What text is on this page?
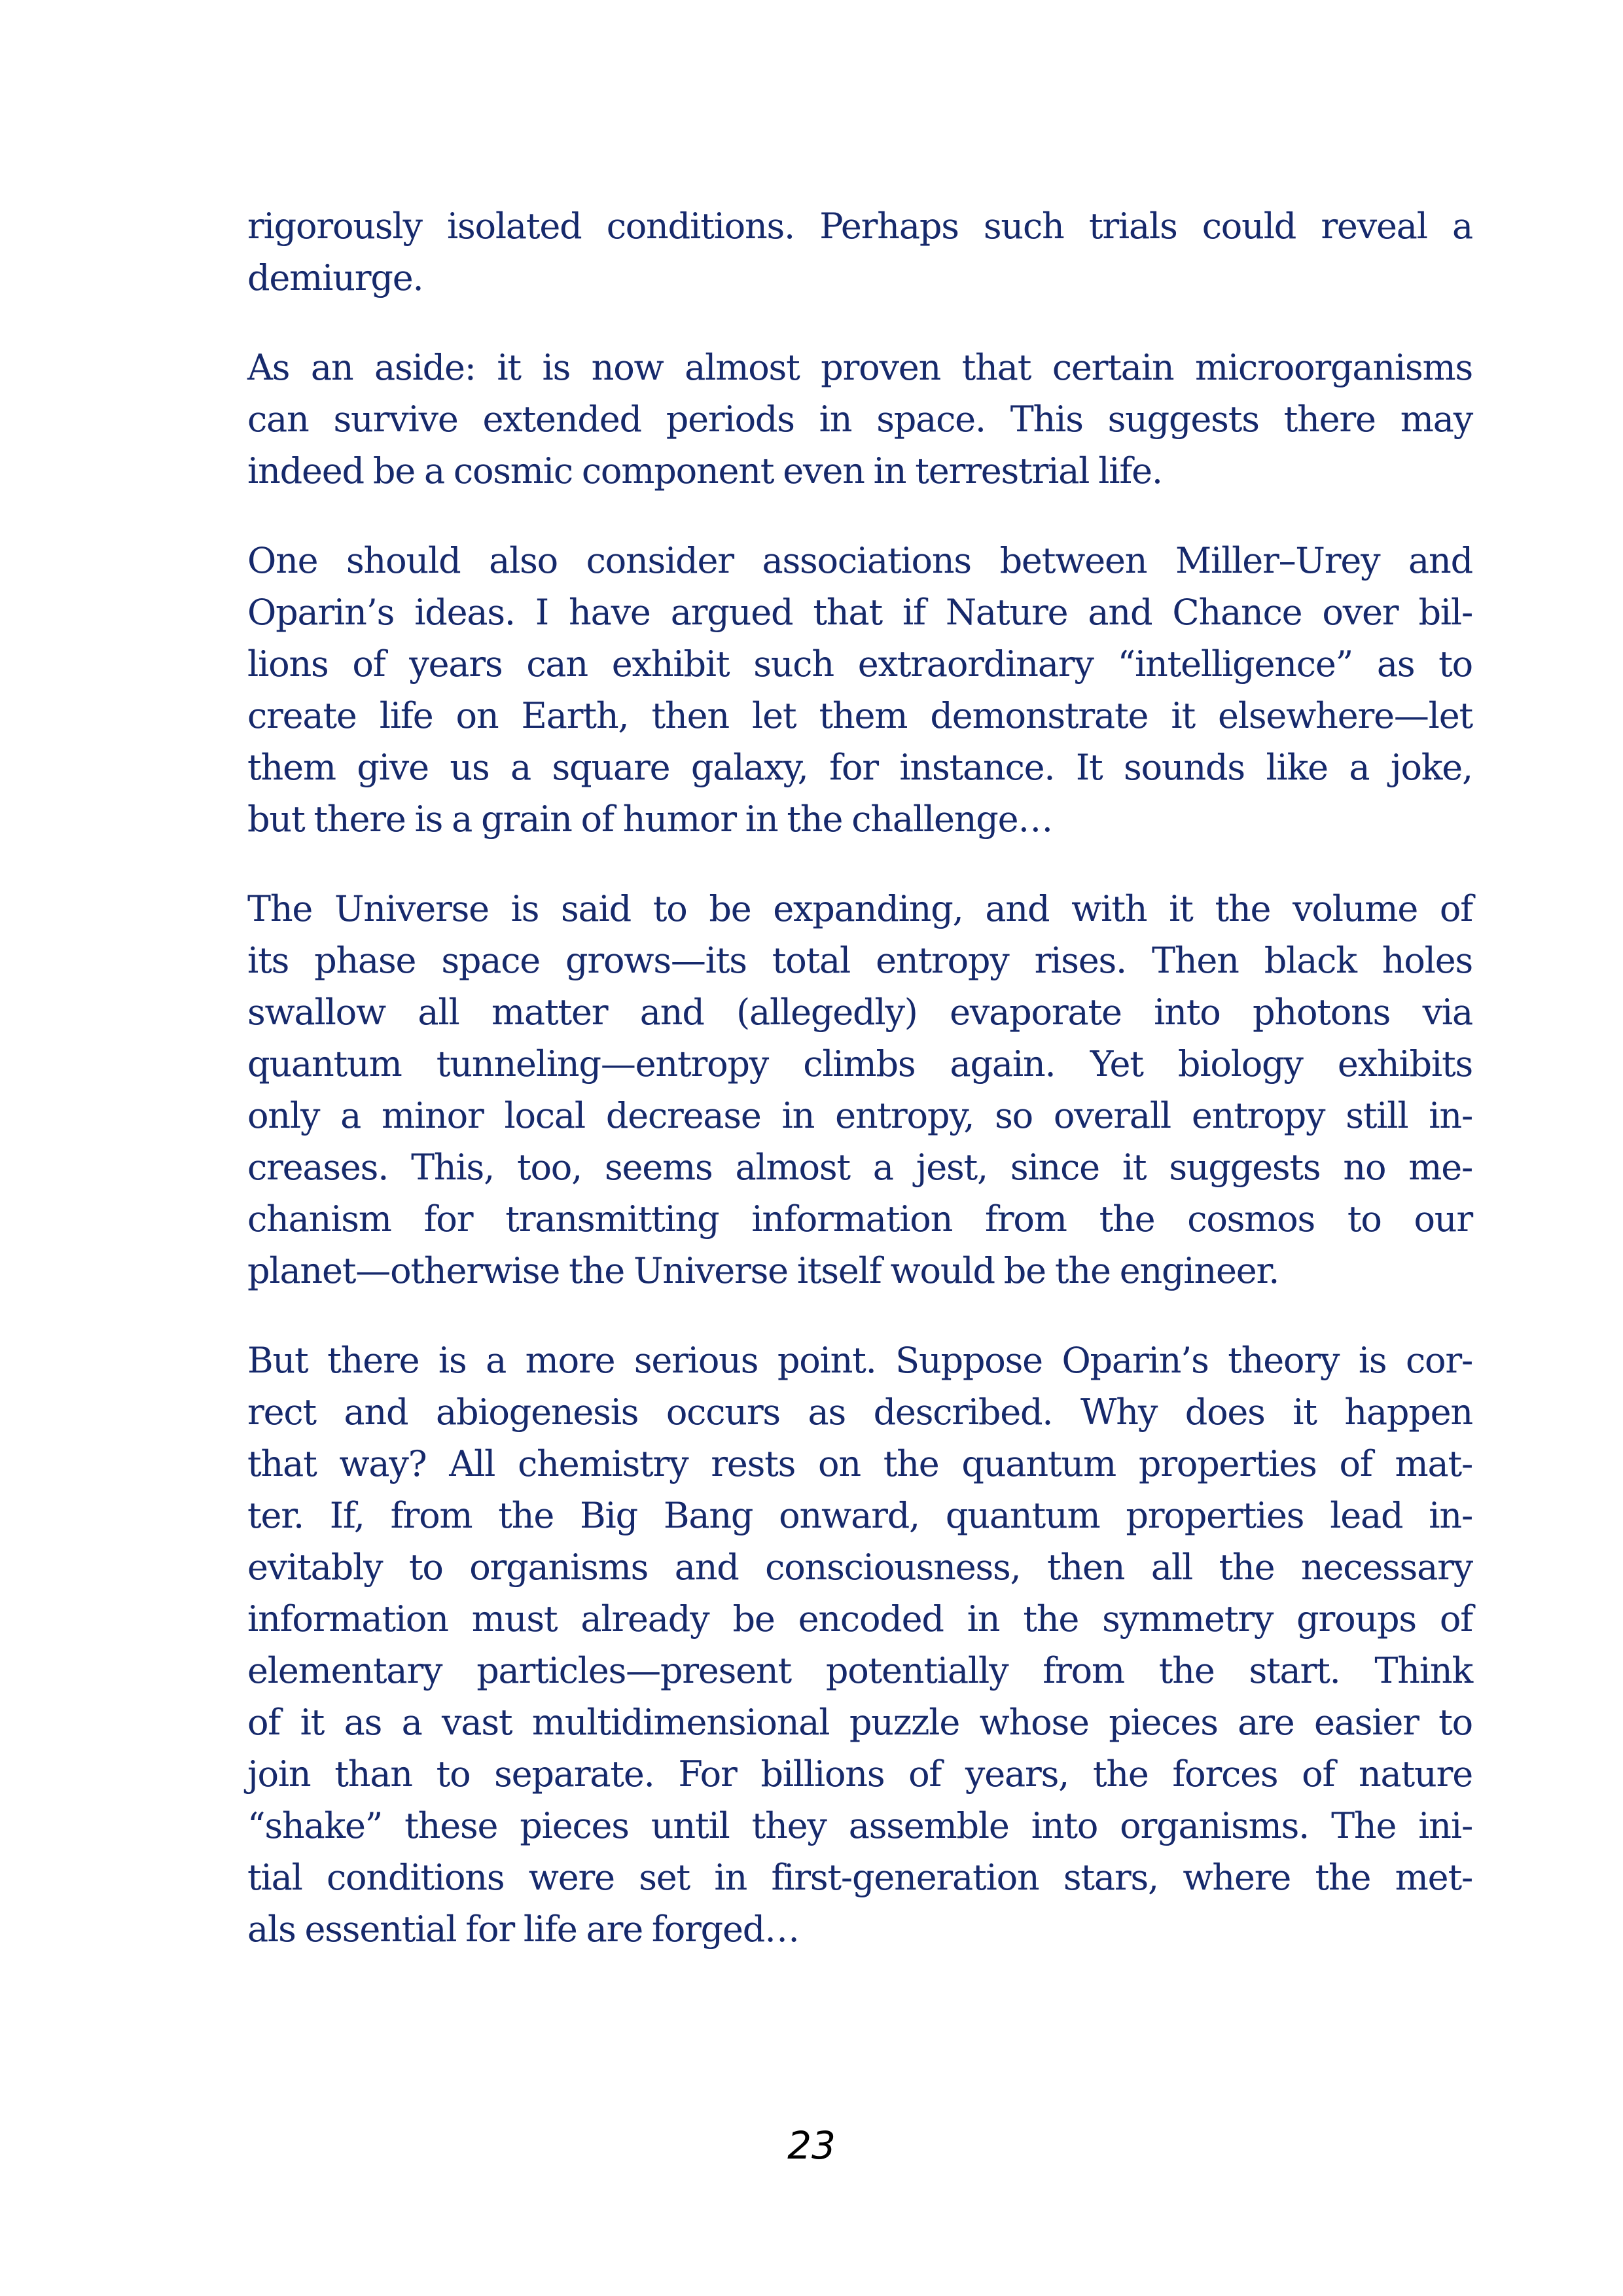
rigorously isolated conditions. Perhaps such trials could reveal a
demiurge.

As an aside: it is now almost proven that certain microorganisms
can survive extended periods in space. This suggests there may
indeed be a cosmic component even in terrestrial life.

One should also consider associations between Miller–Urey and
Oparin’s ideas. I have argued that if Nature and Chance over bil-
lions of years can exhibit such extraordinary “intelligence” as to
create life on Earth, then let them demonstrate it elsewhere—let
them give us a square galaxy, for instance. It sounds like a joke,
but there is a grain of humor in the challenge…

The Universe is said to be expanding, and with it the volume of
its phase space grows—its total entropy rises. Then black holes
swallow all matter and (allegedly) evaporate into photons via
quantum tunneling—entropy climbs again. Yet biology exhibits
only a minor local decrease in entropy, so overall entropy still in-
creases. This, too, seems almost a jest, since it suggests no me-
chanism for transmitting information from the cosmos to our
planet—otherwise the Universe itself would be the engineer.

But there is a more serious point. Suppose Oparin’s theory is cor-
rect and abiogenesis occurs as described. Why does it happen
that way? All chemistry rests on the quantum properties of mat-
ter. If, from the Big Bang onward, quantum properties lead in-
evitably to organisms and consciousness, then all the necessary
information must already be encoded in the symmetry groups of
elementary particles—present potentially from the start. Think
of it as a vast multidimensional puzzle whose pieces are easier to
join than to separate. For billions of years, the forces of nature
“shake” these pieces until they assemble into organisms. The ini-
tial conditions were set in first-generation stars, where the met-
als essential for life are forged…

23
